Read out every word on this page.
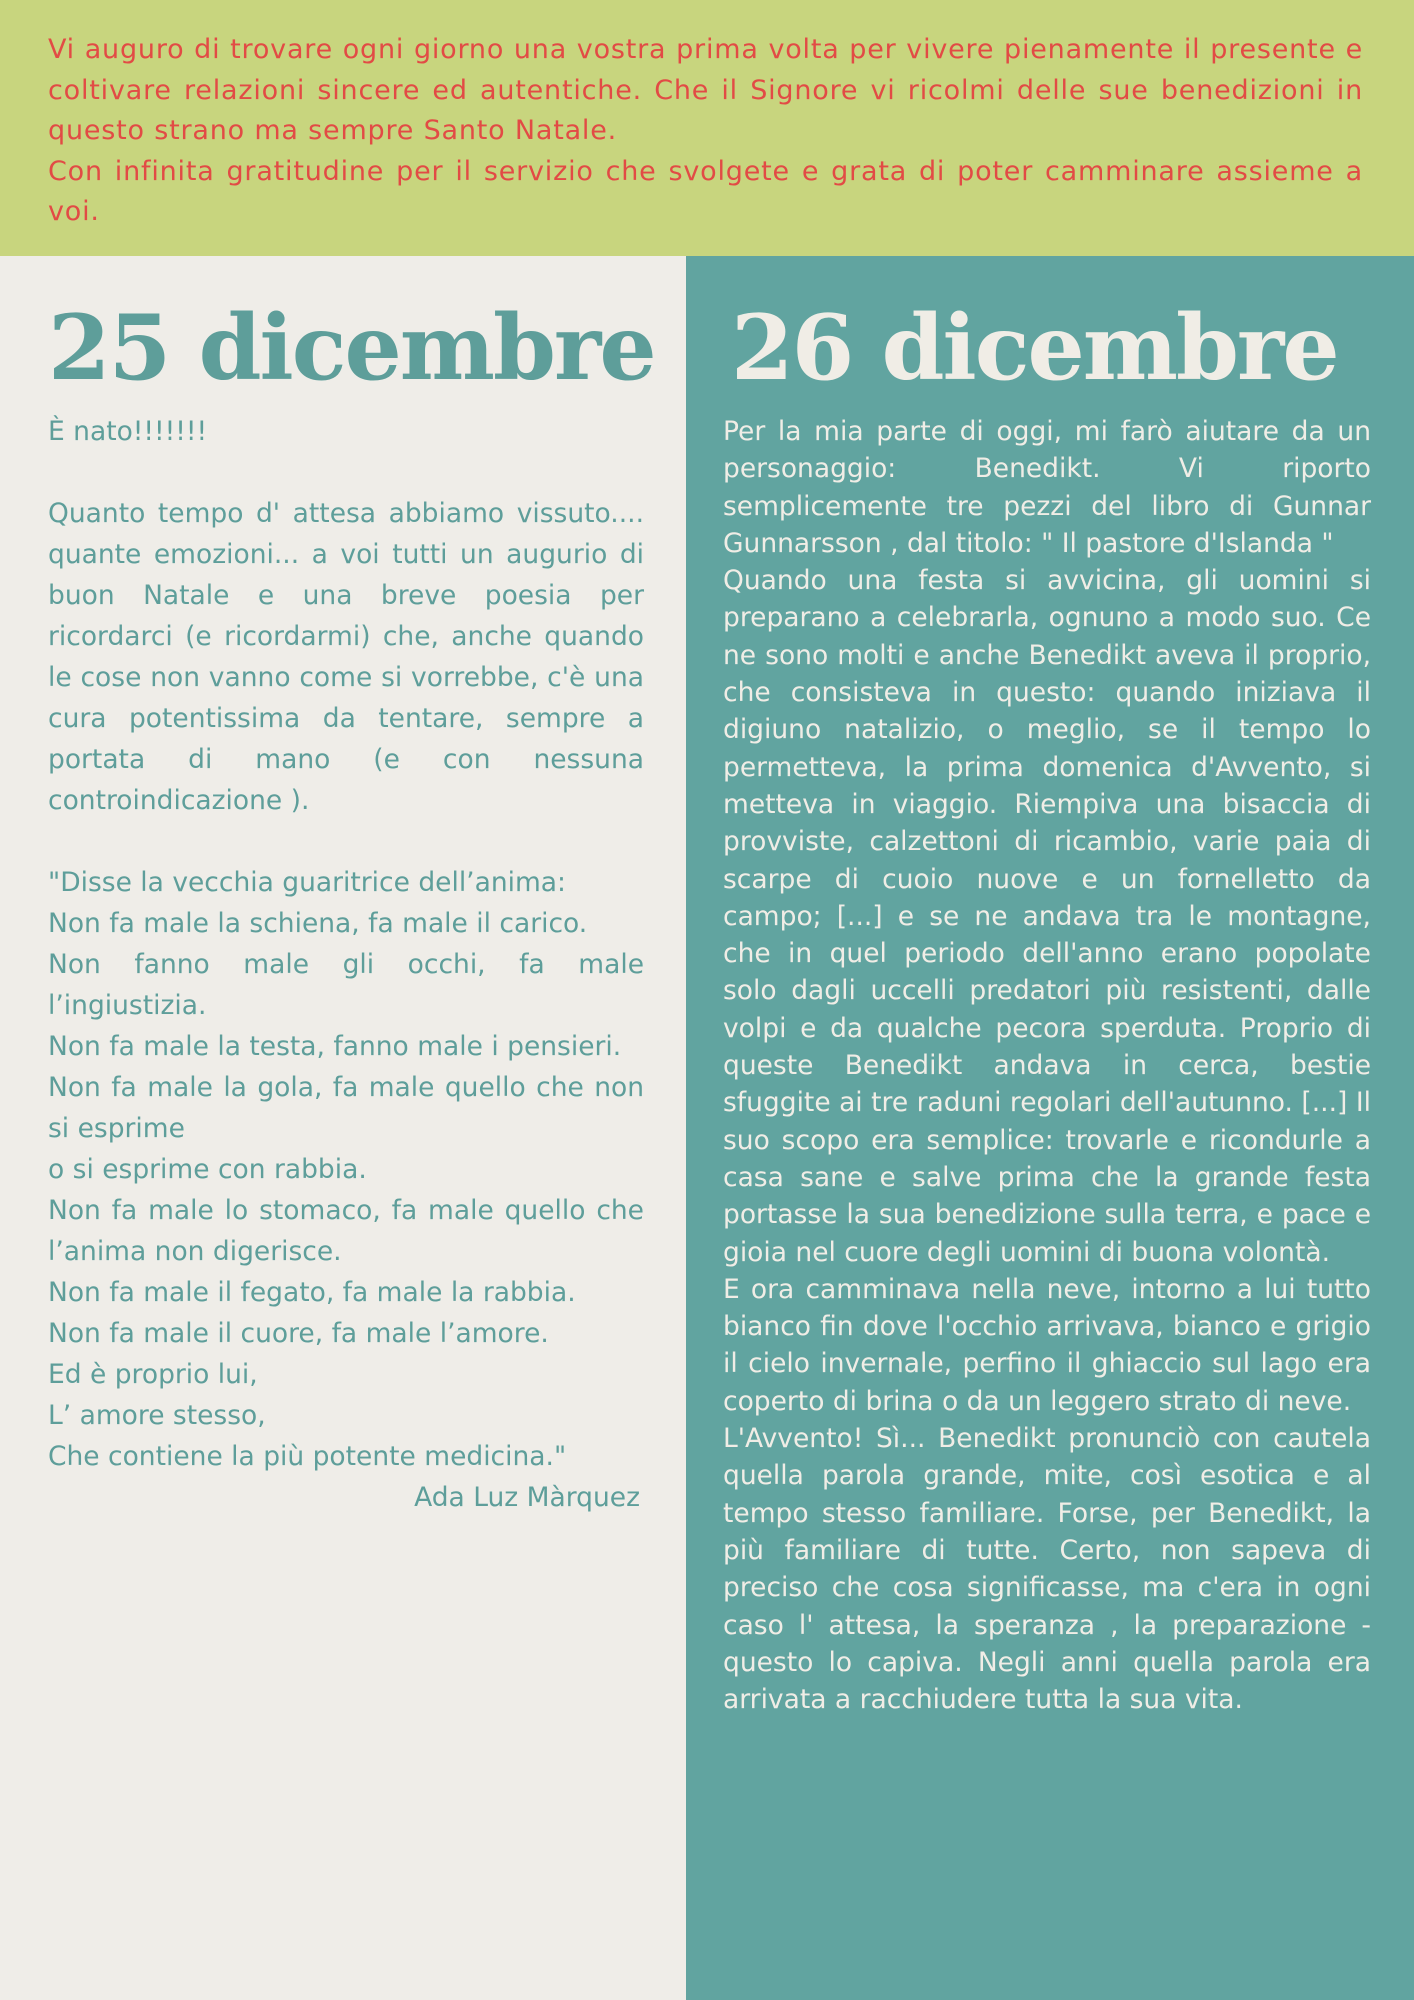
Vi auguro di trovare ogni giorno una vostra prima volta per vivere pienamente il presente e coltivare relazioni sincere ed autentiche. Che il Signore vi ricolmi delle sue benedizioni in questo strano ma sempre Santo Natale.

Con infinita gratitudine per il servizio che svolgete e grata di poter camminare assieme a voi.

25 dicembre

È nato!!!!!!!

Quanto tempo d' attesa abbiamo vissuto.... quante emozioni... a voi tutti un augurio di buon Natale e una breve poesia per ricordarci (e ricordarmi) che, anche quando le cose non vanno come si vorrebbe, c'è una cura potentissima da tentare, sempre a portata di mano (e con nessuna controindicazione ).

"Disse la vecchia guaritrice dell’anima:

Non fa male la schiena, fa male il carico.

Non fanno male gli occhi, fa male l’ingiustizia.

Non fa male la testa, fanno male i pensieri.

Non fa male la gola, fa male quello che non si esprime

o si esprime con rabbia.

Non fa male lo stomaco, fa male quello che l’anima non digerisce.

Non fa male il fegato, fa male la rabbia.

Non fa male il cuore, fa male l’amore.

Ed è proprio lui,

L’ amore stesso,

Che contiene la più potente medicina."

Ada Luz Màrquez

26 dicembre

Per la mia parte di oggi, mi farò aiutare da un personaggio: Benedikt. Vi riporto semplicemente tre pezzi del libro di Gunnar Gunnarsson , dal titolo: " Il pastore d'Islanda "

Quando una festa si avvicina, gli uomini si preparano a celebrarla, ognuno a modo suo. Ce ne sono molti e anche Benedikt aveva il proprio, che consisteva in questo: quando iniziava il digiuno natalizio, o meglio, se il tempo lo permetteva, la prima domenica d'Avvento, si metteva in viaggio. Riempiva una bisaccia di provviste, calzettoni di ricambio, varie paia di scarpe di cuoio nuove e un fornelletto da campo; [...] e se ne andava tra le montagne, che in quel periodo dell'anno erano popolate solo dagli uccelli predatori più resistenti, dalle volpi e da qualche pecora sperduta. Proprio di queste Benedikt andava in cerca, bestie sfuggite ai tre raduni regolari dell'autunno. [...] Il suo scopo era semplice: trovarle e ricondurle a casa sane e salve prima che la grande festa portasse la sua benedizione sulla terra, e pace e gioia nel cuore degli uomini di buona volontà.

E ora camminava nella neve, intorno a lui tutto bianco fin dove l'occhio arrivava, bianco e grigio il cielo invernale, perfino il ghiaccio sul lago era coperto di brina o da un leggero strato di neve.

L'Avvento! Sì... Benedikt pronunciò con cautela quella parola grande, mite, così esotica e al tempo stesso familiare. Forse, per Benedikt, la più familiare di tutte. Certo, non sapeva di preciso che cosa significasse, ma c'era in ogni caso l' attesa, la speranza , la preparazione - questo lo capiva. Negli anni quella parola era arrivata a racchiudere tutta la sua vita.
